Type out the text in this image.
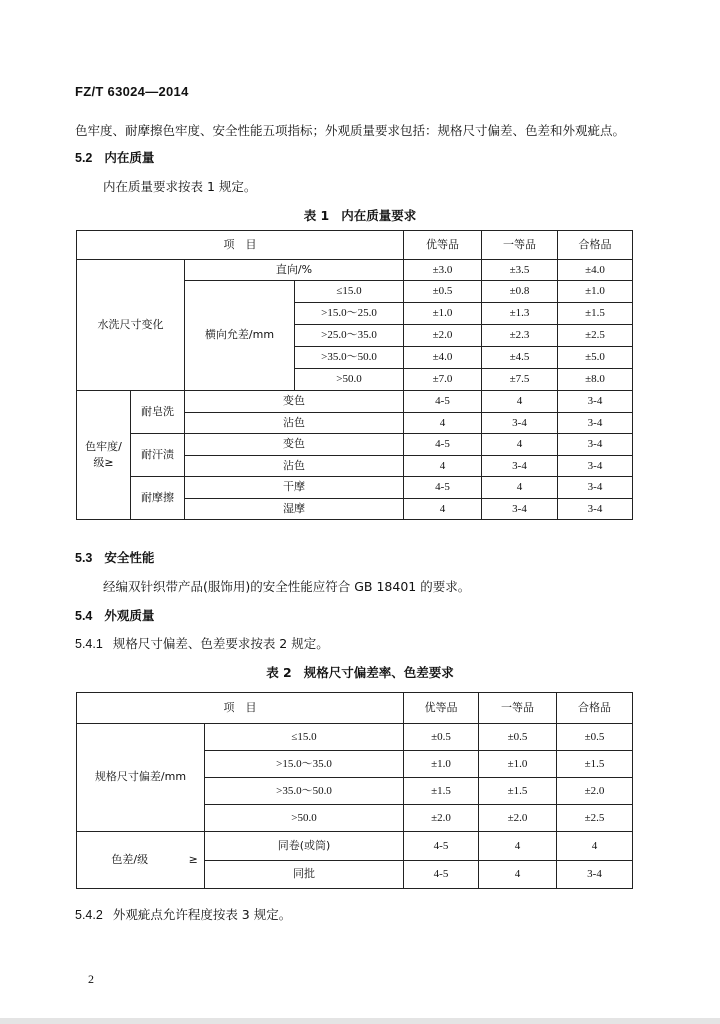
FZ/T 63024—2014
色牢度、耐摩擦色牢度、安全性能五项指标；外观质量要求包括：规格尺寸偏差、色差和外观疵点。
5.2 内在质量
内在质量要求按表 1 规定。
表 1 内在质量要求
项　目				优等品	一等品	合格品
水洗尺寸变化		直向/%		±3.0	±3.5	±4.0
		横向允差/mm	≤15.0	±0.5	±0.8	±1.0
			>15.0～25.0	±1.0	±1.3	±1.5
			>25.0～35.0	±2.0	±2.3	±2.5
			>35.0～50.0	±4.0	±4.5	±5.0
			>50.0	±7.0	±7.5	±8.0

色牢度/
级≥	耐皂洗	变色		4-5	4	3-4
		沾色		4	3-4	3-4
	耐汗渍	变色		4-5	4	3-4
		沾色		4	3-4	3-4
	耐摩擦	干摩		4-5	4	3-4
		湿摩		4	3-4	3-4
5.3 安全性能
经编双针织带产品(服饰用)的安全性能应符合 GB 18401 的要求。
5.4 外观质量
5.4.1 规格尺寸偏差、色差要求按表 2 规定。
表 2 规格尺寸偏差率、色差要求
项　目			优等品	一等品	合格品
规格尺寸偏差/mm		≤15.0	±0.5	±0.5	±0.5
		>15.0～35.0	±1.0	±1.0	±1.5
		>35.0～50.0	±1.5	±1.5	±2.0
		>50.0	±2.0	±2.0	±2.5
色差/级	≥	同卷(或筒)	4-5	4	4
		同批	4-5	4	3-4
5.4.2 外观疵点允许程度按表 3 规定。
2
